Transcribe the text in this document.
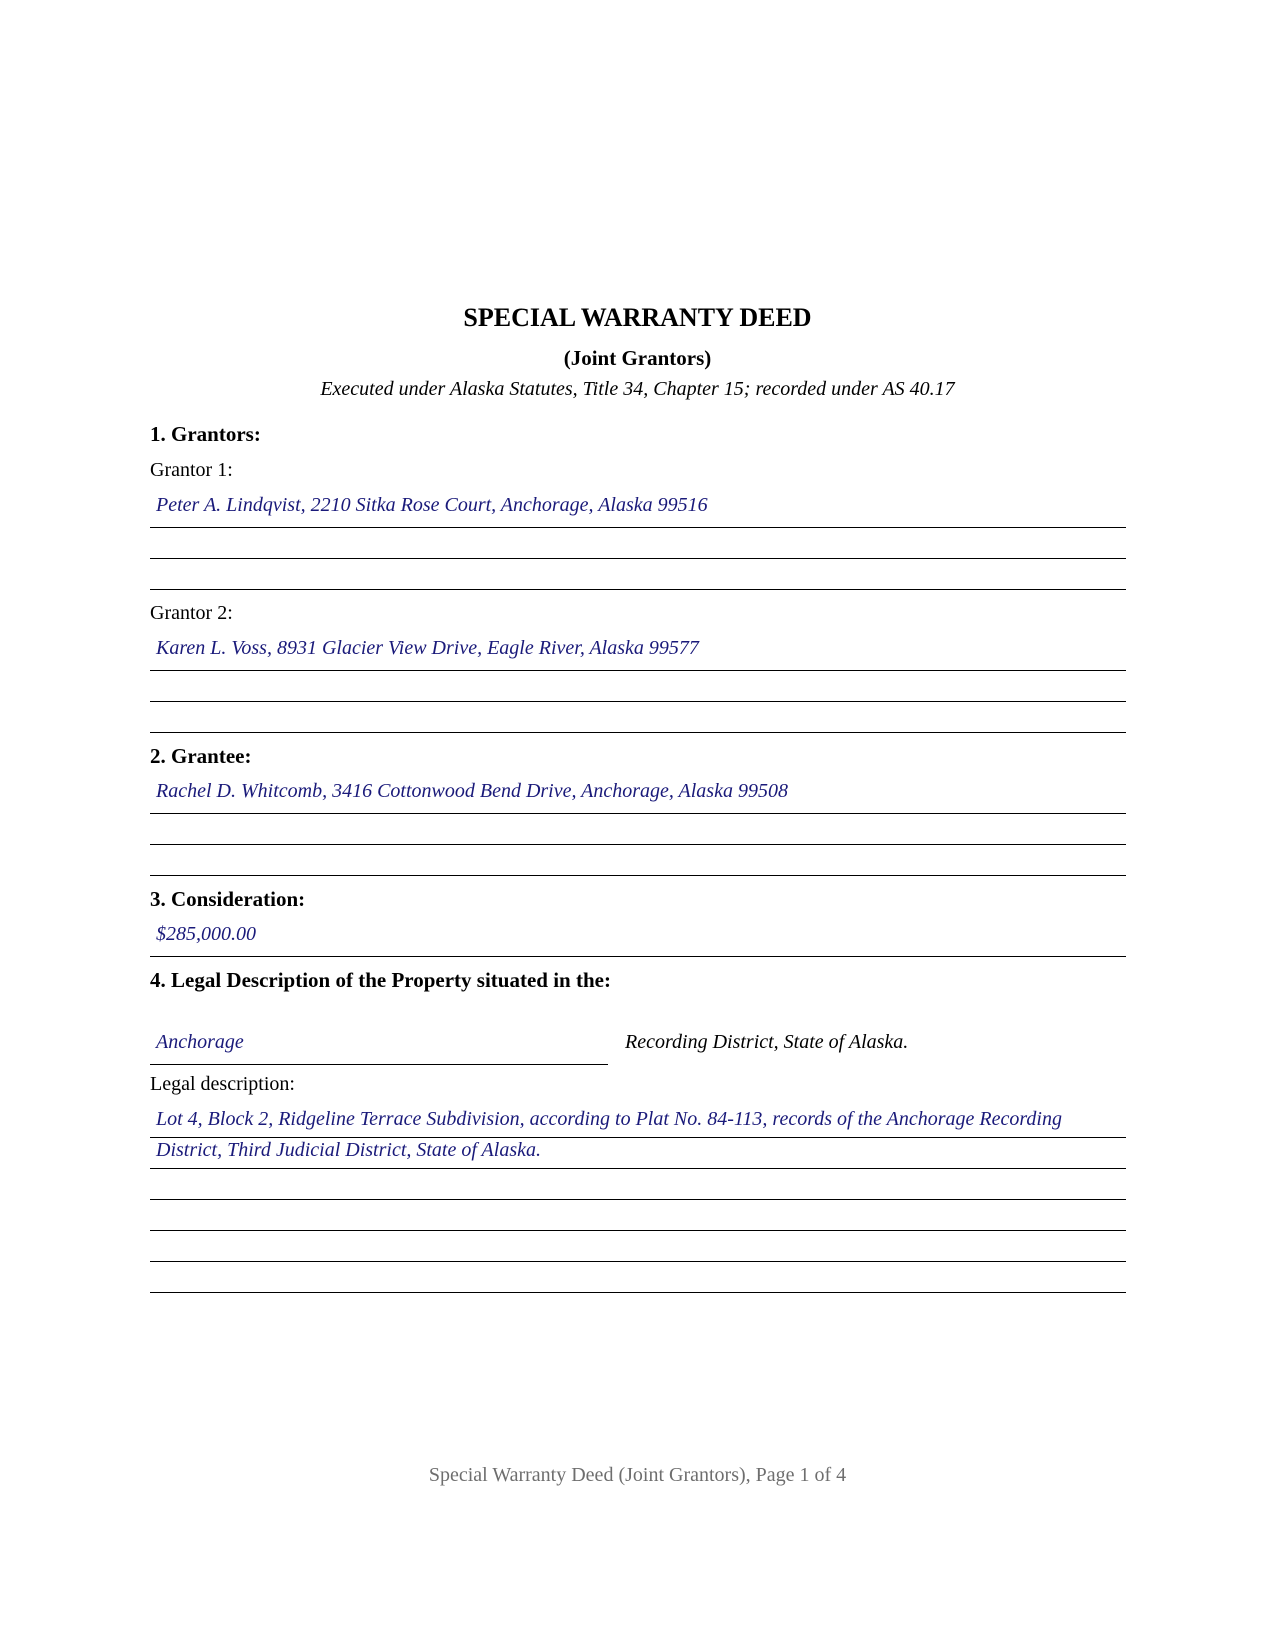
SPECIAL WARRANTY DEED
(Joint Grantors)
Executed under Alaska Statutes, Title 34, Chapter 15; recorded under AS 40.17
1. Grantors:
Grantor 1:
Peter A. Lindqvist, 2210 Sitka Rose Court, Anchorage, Alaska 99516
Grantor 2:
Karen L. Voss, 8931 Glacier View Drive, Eagle River, Alaska 99577
2. Grantee:
Rachel D. Whitcomb, 3416 Cottonwood Bend Drive, Anchorage, Alaska 99508
3. Consideration:
$285,000.00
4. Legal Description of the Property situated in the:
Anchorage	Recording District, State of Alaska.
Legal description:
Lot 4, Block 2, Ridgeline Terrace Subdivision, according to Plat No. 84-113, records of the Anchorage Recording
District, Third Judicial District, State of Alaska.
Special Warranty Deed (Joint Grantors), Page 1 of 4
